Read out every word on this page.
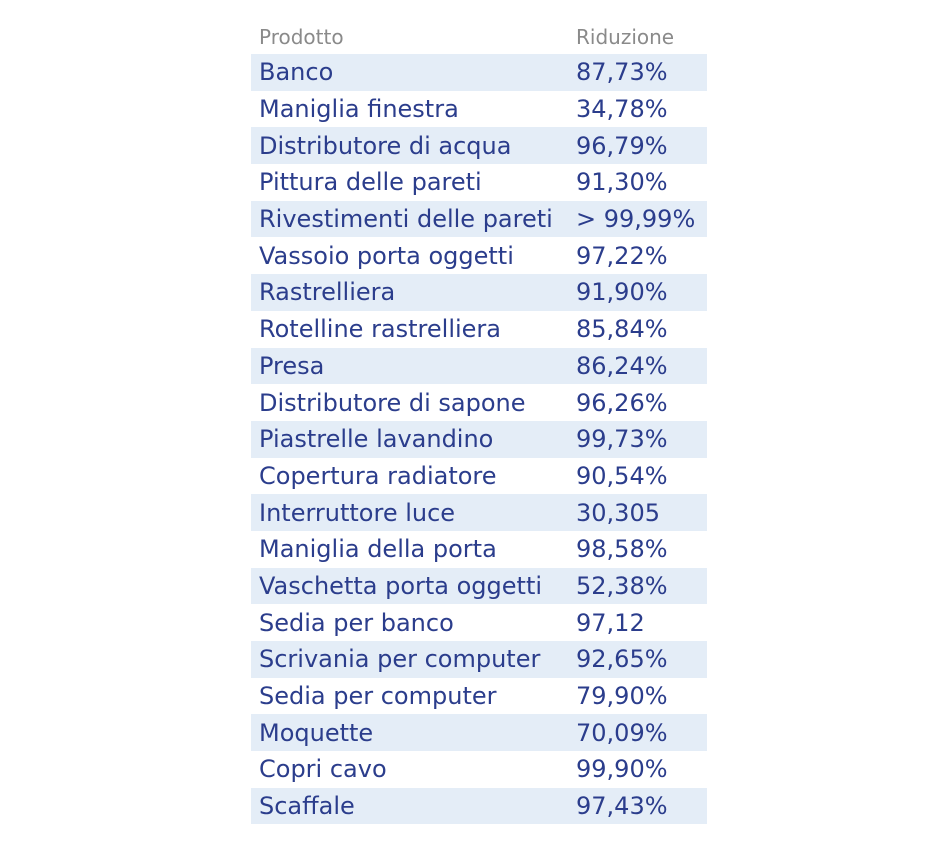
Prodotto	Riduzione
Banco	87,73%
Maniglia finestra	34,78%
Distributore di acqua	96,79%
Pittura delle pareti	91,30%
Rivestimenti delle pareti > 99,99%
Vassoio porta oggetti	97,22%
Rastrelliera	91,90%
Rotelline rastrelliera	85,84%
Presa	86,24%
Distributore di sapone	96,26%
Piastrelle lavandino	99,73%
Copertura radiatore	90,54%
Interruttore luce	30,305
Maniglia della porta	98,58%
Vaschetta porta oggetti	52,38%
Sedia per banco	97,12
Scrivania per computer	92,65%
Sedia per computer	79,90%
Moquette	70,09%
Copri cavo	99,90%
Scaffale	97,43%
